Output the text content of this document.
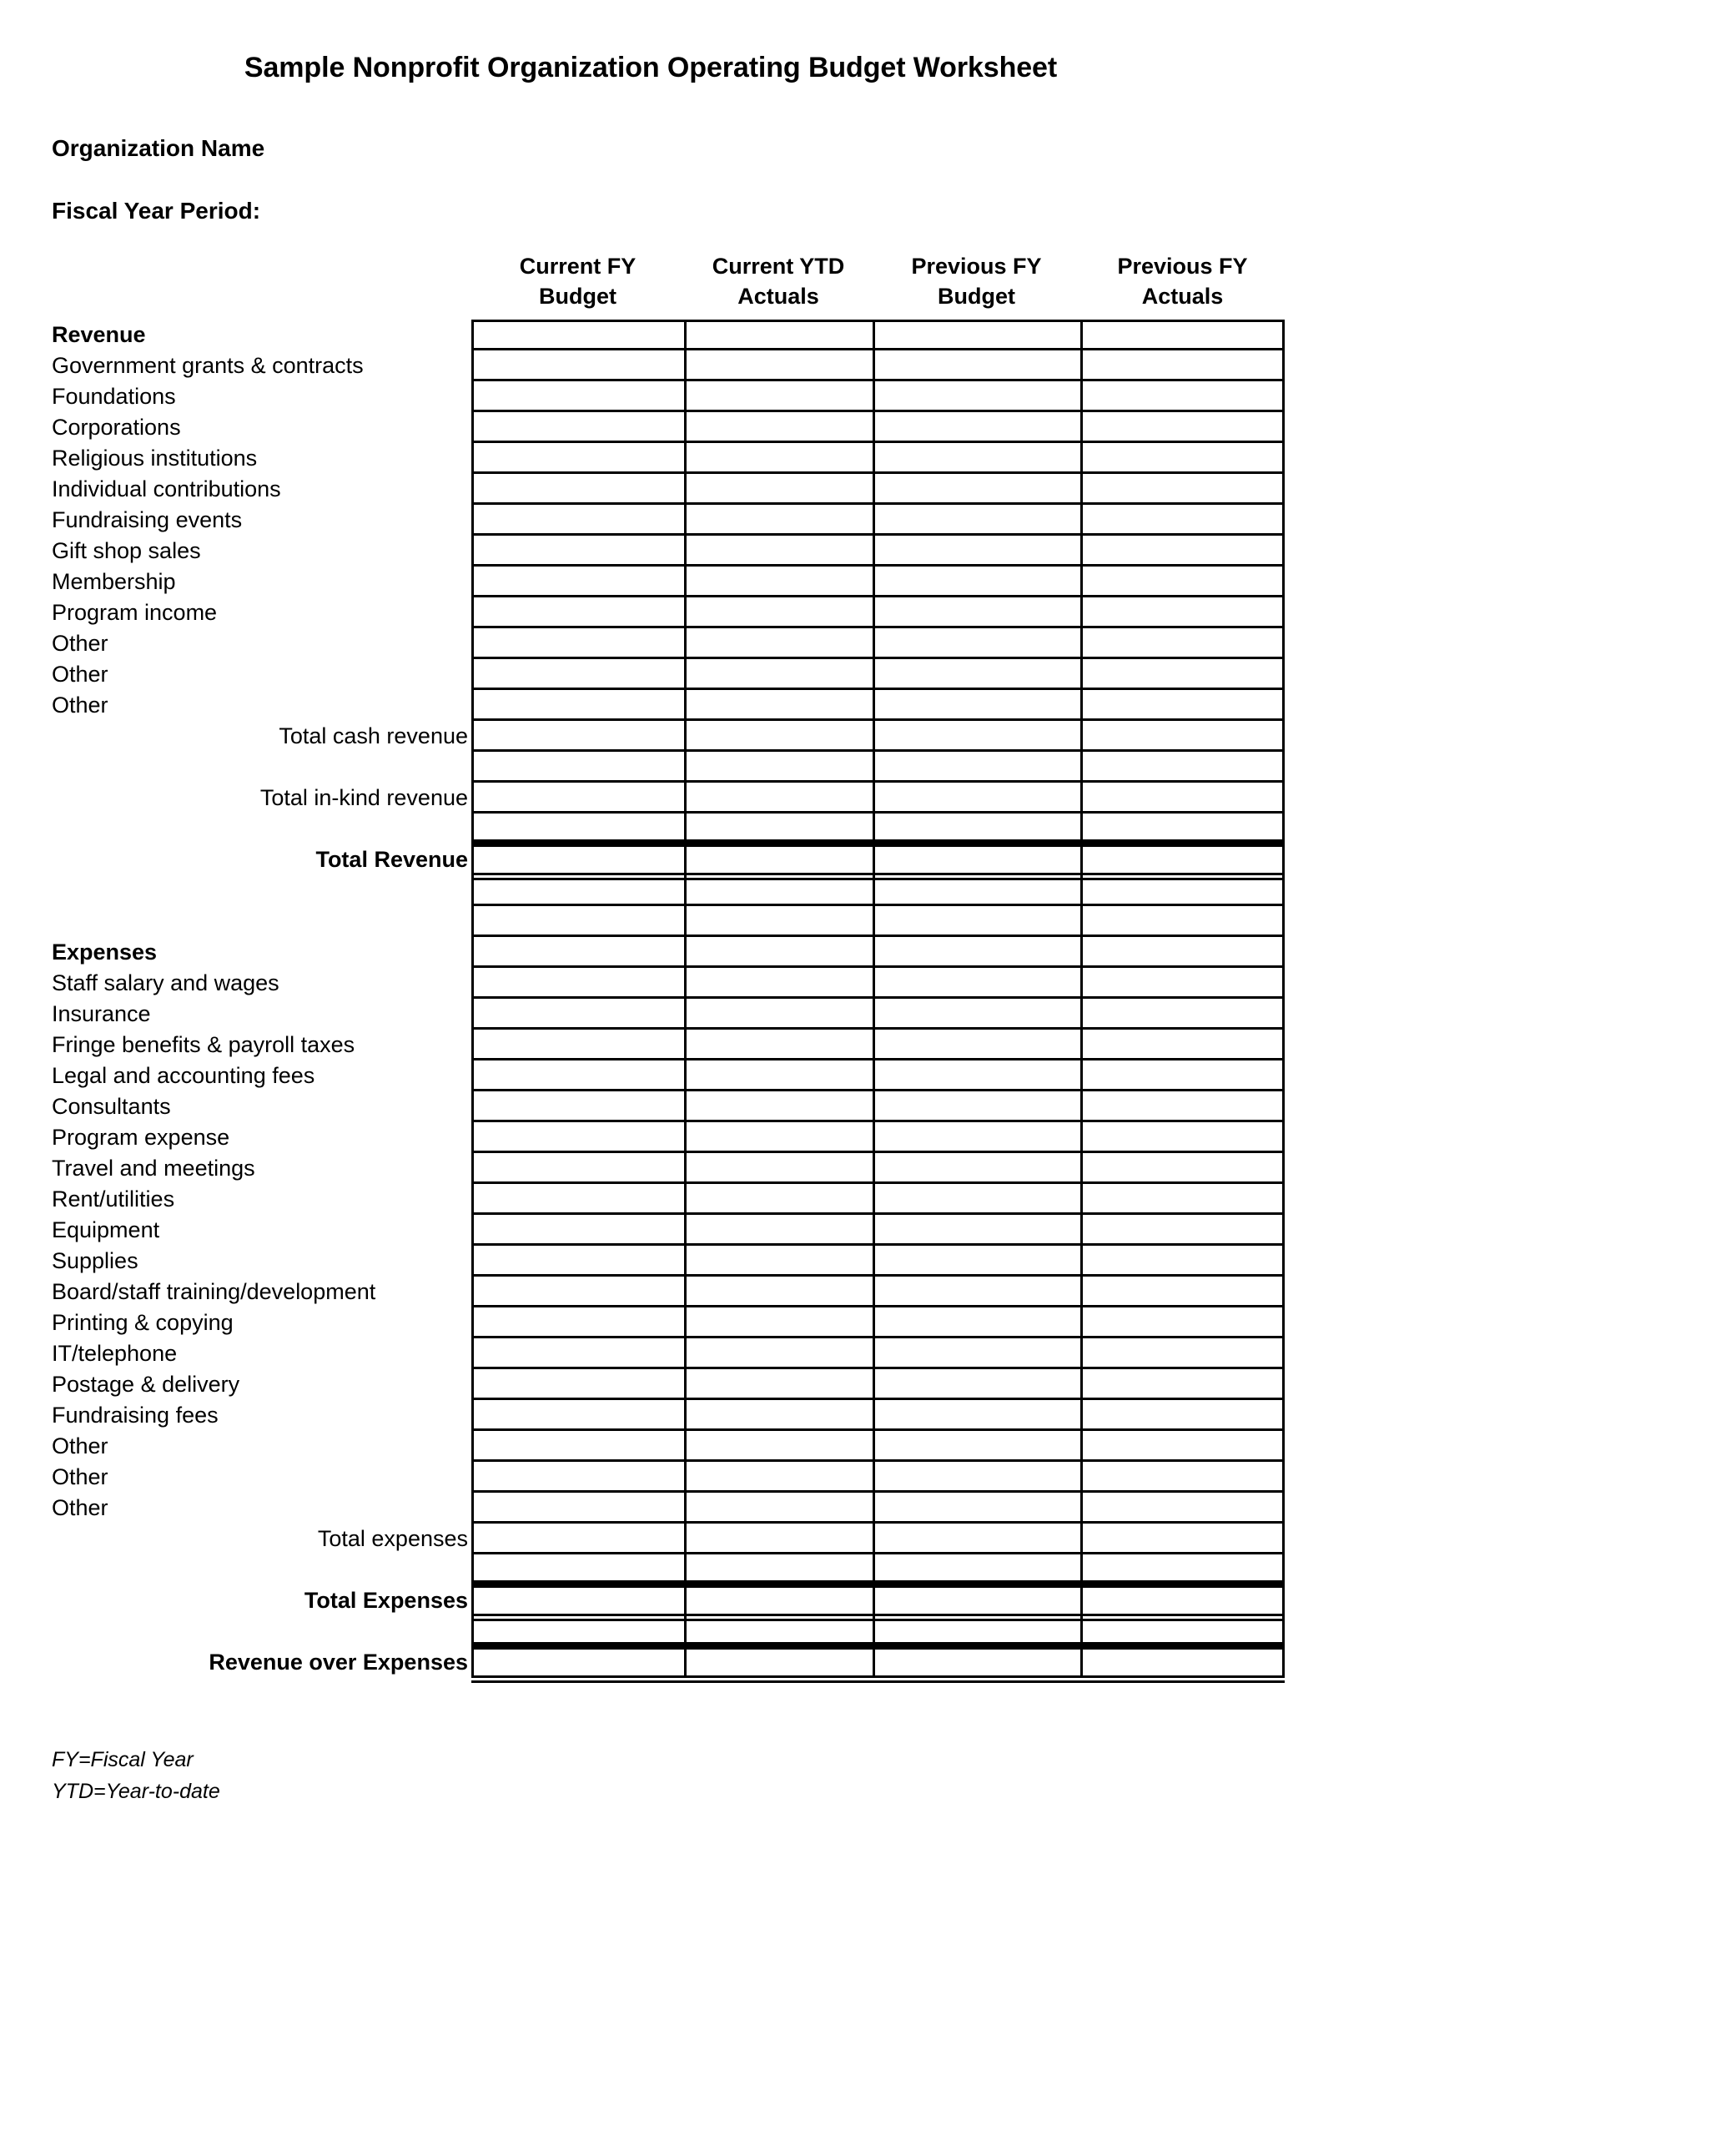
Sample Nonprofit Organization Operating Budget Worksheet
Organization Name
Fiscal Year Period:
Current FY
Budget
Current YTD
Actuals
Previous FY
Budget
Previous FY
Actuals
Revenue
Government grants & contracts
Foundations
Corporations
Religious institutions
Individual contributions
Fundraising events
Gift shop sales
Membership
Program income
Other
Other
Other
Total cash revenue
Total in-kind revenue
Total Revenue
Expenses
Staff salary and wages
Insurance
Fringe benefits & payroll taxes
Legal and accounting fees
Consultants
Program expense
Travel and meetings
Rent/utilities
Equipment
Supplies
Board/staff training/development
Printing & copying
IT/telephone
Postage & delivery
Fundraising fees
Other
Other
Other
Total expenses
Total Expenses
Revenue over Expenses
FY=Fiscal Year
YTD=Year-to-date
